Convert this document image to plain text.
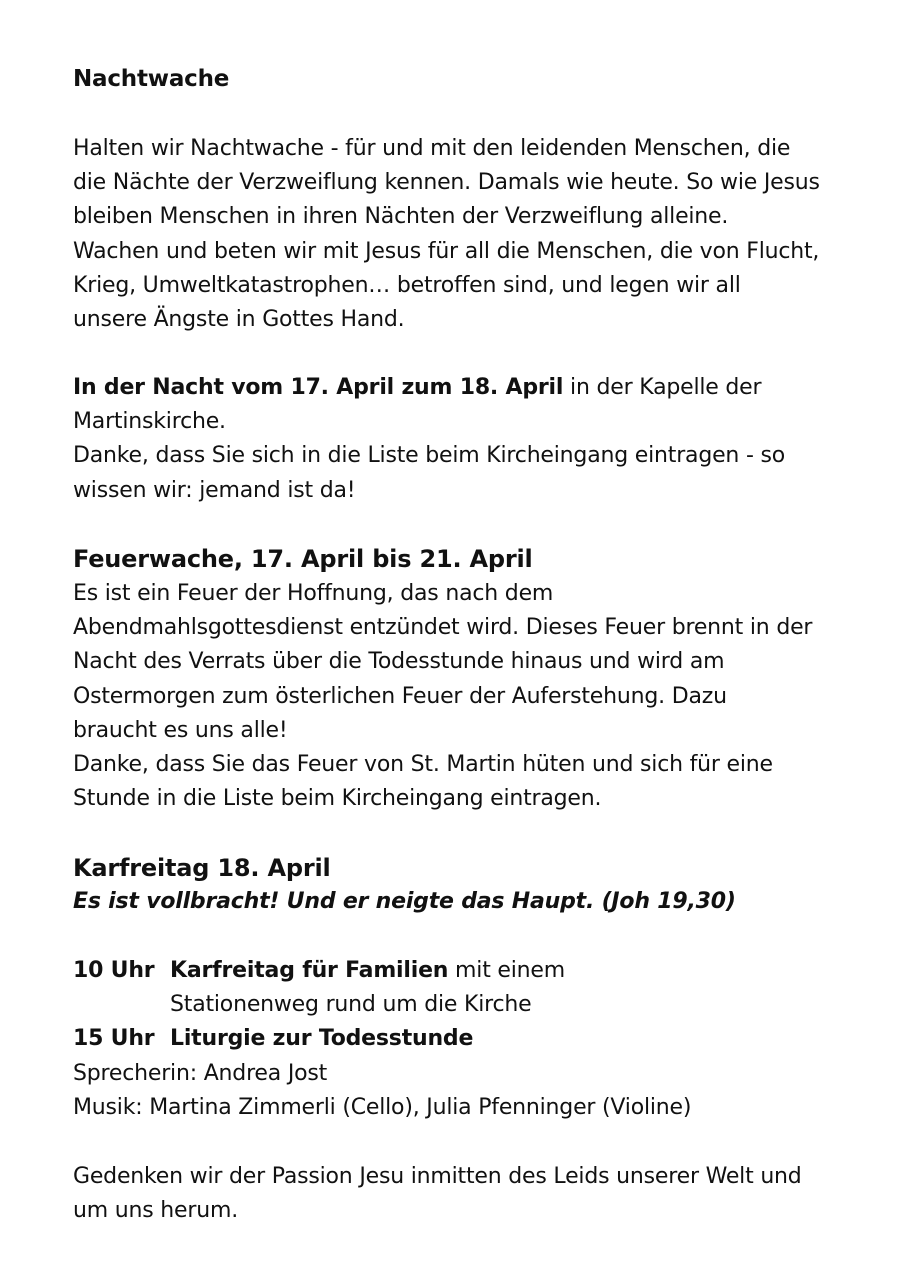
Nachtwache
Halten wir Nachtwache - für und mit den leidenden Menschen, die
die Nächte der Verzweiflung kennen. Damals wie heute. So wie Jesus
bleiben Menschen in ihren Nächten der Verzweiflung alleine.
Wachen und beten wir mit Jesus für all die Menschen, die von Flucht,
Krieg, Umweltkatastrophen… betroffen sind, und legen wir all
unsere Ängste in Gottes Hand.
In der Nacht vom 17. April zum 18. April in der Kapelle der
Martinskirche.
Danke, dass Sie sich in die Liste beim Kircheingang eintragen - so
wissen wir: jemand ist da!
Feuerwache, 17. April bis 21. April
Es ist ein Feuer der Hoffnung, das nach dem
Abendmahlsgottesdienst entzündet wird. Dieses Feuer brennt in der
Nacht des Verrats über die Todesstunde hinaus und wird am
Ostermorgen zum österlichen Feuer der Auferstehung. Dazu
braucht es uns alle!
Danke, dass Sie das Feuer von St. Martin hüten und sich für eine
Stunde in die Liste beim Kircheingang eintragen.
Karfreitag 18. April
Es ist vollbracht! Und er neigte das Haupt. (Joh 19,30)
10 Uhr Karfreitag für Familien mit einem
Stationenweg rund um die Kirche
15 Uhr Liturgie zur Todesstunde
Sprecherin: Andrea Jost
Musik: Martina Zimmerli (Cello), Julia Pfenninger (Violine)
Gedenken wir der Passion Jesu inmitten des Leids unserer Welt und
um uns herum.
